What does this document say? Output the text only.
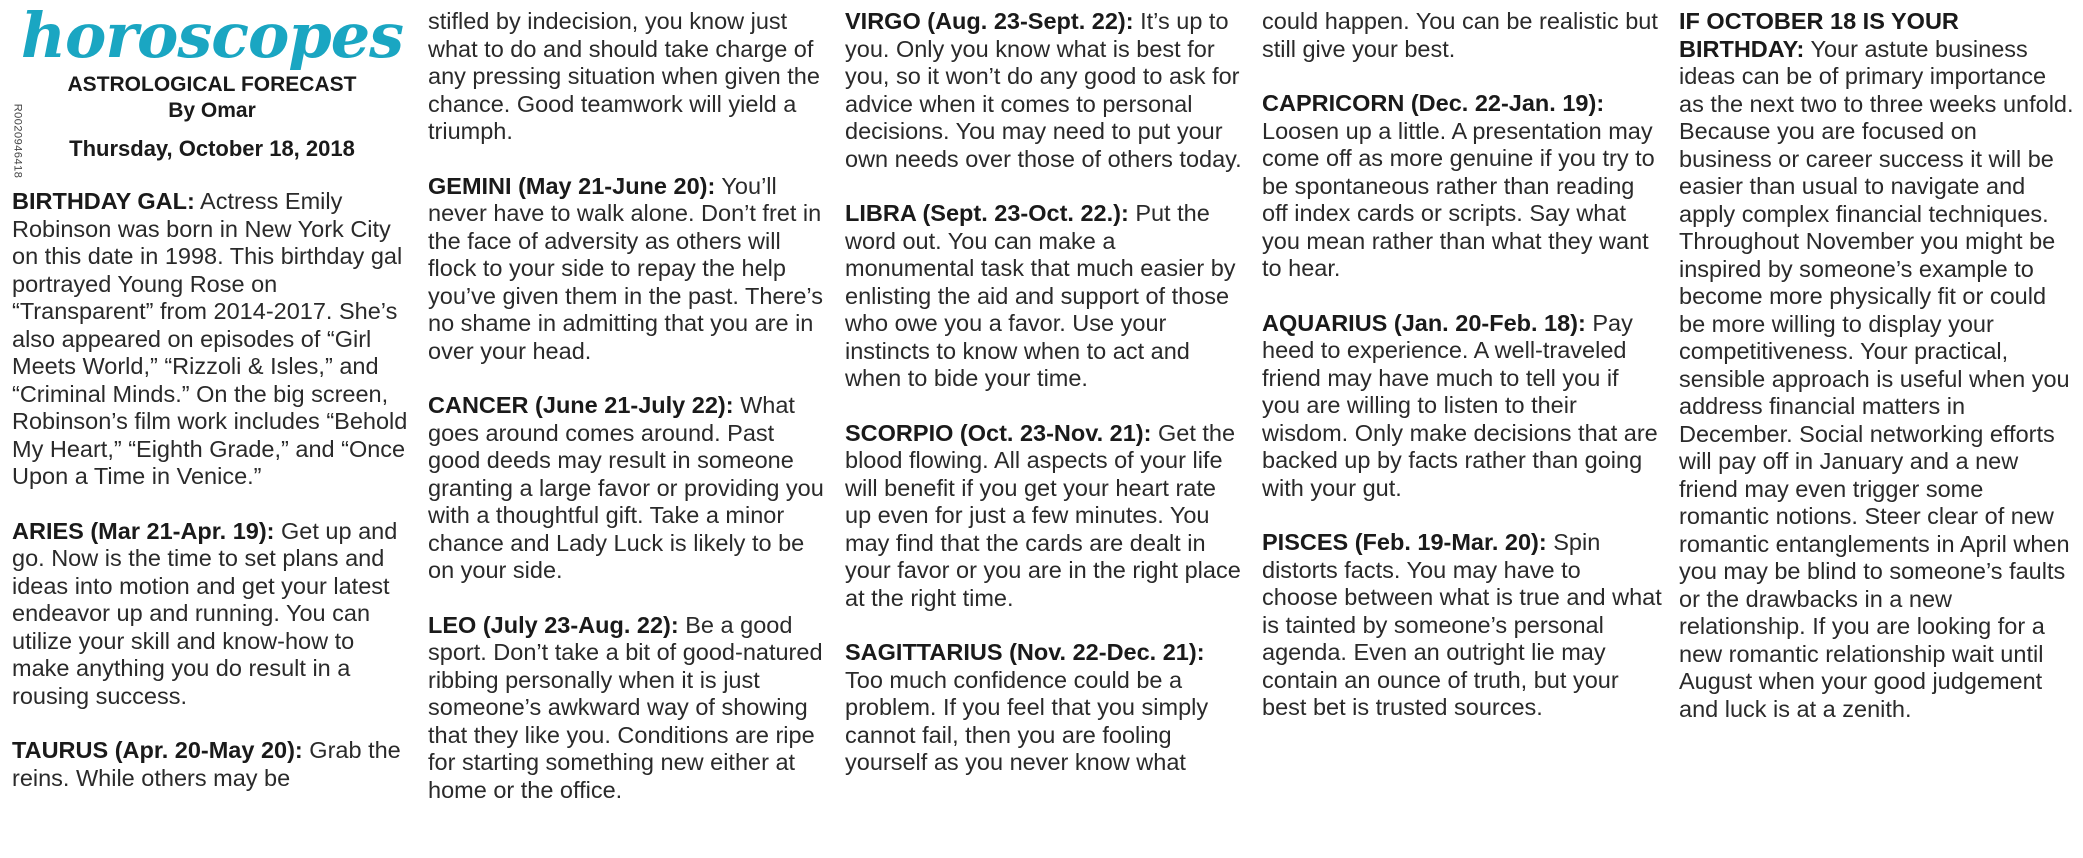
R0020946418
horoscopes
ASTROLOGICAL FORECAST
By Omar
Thursday, October 18, 2018

BIRTHDAY GAL: Actress Emily Robinson was born in New York City on this date in 1998. This birthday gal portrayed Young Rose on “Transparent” from 2014-2017. She’s also appeared on episodes of “Girl Meets World,” “Rizzoli & Isles,” and “Criminal Minds.” On the big screen, Robinson’s film work includes “Behold My Heart,” “Eighth Grade,” and “Once Upon a Time in Venice.”

ARIES (Mar 21-Apr. 19): Get up and go. Now is the time to set plans and ideas into motion and get your latest endeavor up and running. You can utilize your skill and know-how to make anything you do result in a rousing success.

TAURUS (Apr. 20-May 20): Grab the reins. While others may be

stifled by indecision, you know just what to do and should take charge of any pressing situation when given the chance. Good teamwork will yield a triumph.

GEMINI (May 21-June 20): You’ll never have to walk alone. Don’t fret in the face of adversity as others will flock to your side to repay the help you’ve given them in the past. There’s no shame in admitting that you are in over your head.

CANCER (June 21-July 22): What goes around comes around. Past good deeds may result in someone granting a large favor or providing you with a thoughtful gift. Take a minor chance and Lady Luck is likely to be on your side.

LEO (July 23-Aug. 22): Be a good sport. Don’t take a bit of good-natured ribbing personally when it is just someone’s awkward way of showing that they like you. Conditions are ripe for starting something new either at home or the office.

VIRGO (Aug. 23-Sept. 22): It’s up to you. Only you know what is best for you, so it won’t do any good to ask for advice when it comes to personal decisions. You may need to put your own needs over those of others today.

LIBRA (Sept. 23-Oct. 22.): Put the word out. You can make a monumental task that much easier by enlisting the aid and support of those who owe you a favor. Use your instincts to know when to act and when to bide your time.

SCORPIO (Oct. 23-Nov. 21): Get the blood flowing. All aspects of your life will benefit if you get your heart rate up even for just a few minutes. You may find that the cards are dealt in your favor or you are in the right place at the right time.

SAGITTARIUS (Nov. 22-Dec. 21): Too much confidence could be a problem. If you feel that you simply cannot fail, then you are fooling yourself as you never know what

could happen. You can be realistic but still give your best.

CAPRICORN (Dec. 22-Jan. 19): Loosen up a little. A presentation may come off as more genuine if you try to be spontaneous rather than reading off index cards or scripts. Say what you mean rather than what they want to hear.

AQUARIUS (Jan. 20-Feb. 18): Pay heed to experience. A well-traveled friend may have much to tell you if you are willing to listen to their wisdom. Only make decisions that are backed up by facts rather than going with your gut.

PISCES (Feb. 19-Mar. 20): Spin distorts facts. You may have to choose between what is true and what is tainted by someone’s personal agenda. Even an outright lie may contain an ounce of truth, but your best bet is trusted sources.

IF OCTOBER 18 IS YOUR BIRTHDAY: Your astute business ideas can be of primary importance as the next two to three weeks unfold. Because you are focused on business or career success it will be easier than usual to navigate and apply complex financial techniques. Throughout November you might be inspired by someone’s example to become more physically fit or could be more willing to display your competitiveness. Your practical, sensible approach is useful when you address financial matters in December. Social networking efforts will pay off in January and a new friend may even trigger some romantic notions. Steer clear of new romantic entanglements in April when you may be blind to someone’s faults or the drawbacks in a new relationship. If you are looking for a new romantic relationship wait until August when your good judgement and luck is at a zenith.
